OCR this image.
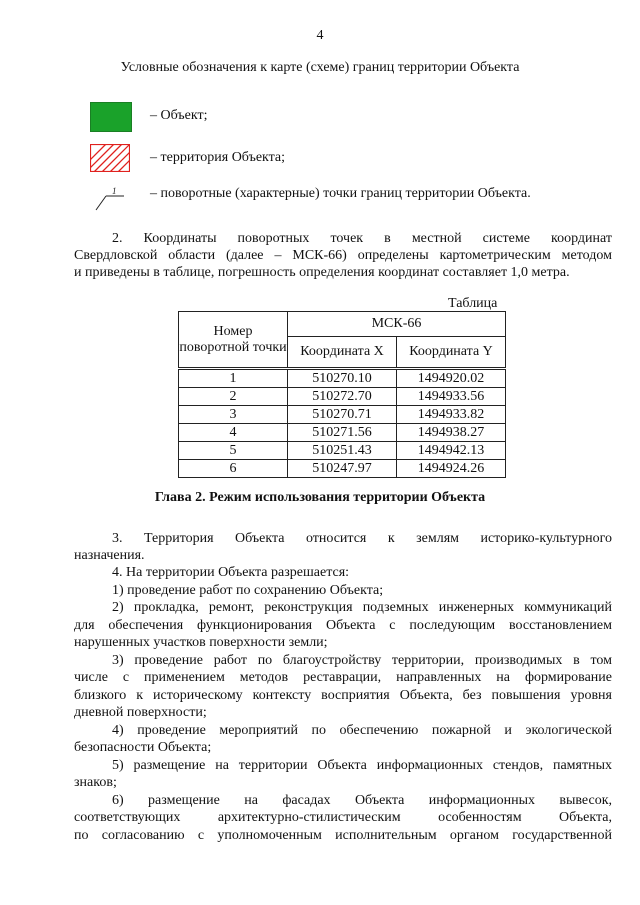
4
Условные обозначения к карте (схеме) границ территории Объекта
– Объект;
– территория Объекта;
1 – поворотные (характерные) точки границ территории Объекта.

2. Координаты поворотных точек в местной системе координат

Свердловской области (далее – МСК-66) определены картометрическим методом

и приведены в таблице, погрешность определения координат составляет 1,0 метра.

Таблица
Номер поворотной точки	МСК-66	
	Координата X	Координата Y
1	510270.10	1494920.02
2	510272.70	1494933.56
3	510270.71	1494933.82
4	510271.56	1494938.27
5	510251.43	1494942.13
6	510247.97	1494924.26
Глава 2. Режим использования территории Объекта

3. Территория Объекта относится к землям историко-культурного

назначения.

4. На территории Объекта разрешается:

1) проведение работ по сохранению Объекта;

2) прокладка, ремонт, реконструкция подземных инженерных коммуникаций

для обеспечения функционирования Объекта с последующим восстановлением

нарушенных участков поверхности земли;

3) проведение работ по благоустройству территории, производимых в том

числе с применением методов реставрации, направленных на формирование

близкого к историческому контексту восприятия Объекта, без повышения уровня

дневной поверхности;

4) проведение мероприятий по обеспечению пожарной и экологической

безопасности Объекта;

5) размещение на территории Объекта информационных стендов, памятных

знаков;

6) размещение на фасадах Объекта информационных вывесок,

соответствующих архитектурно-стилистическим особенностям Объекта,

по согласованию с уполномоченным исполнительным органом государственной
